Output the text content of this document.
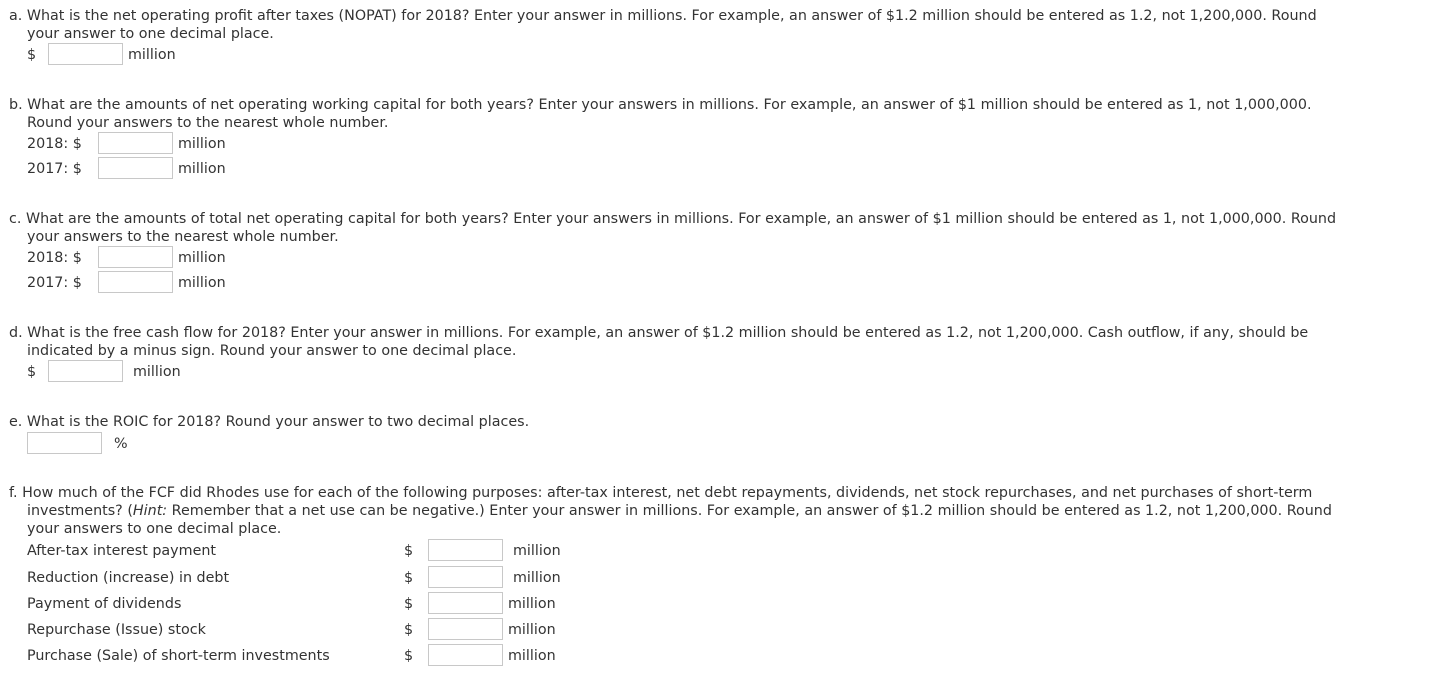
a. What is the net operating profit after taxes (NOPAT) for 2018? Enter your answer in millions. For example, an answer of $1.2 million should be entered as 1.2, not 1,200,000. Round
your answer to one decimal place.
$	million
b. What are the amounts of net operating working capital for both years? Enter your answers in millions. For example, an answer of $1 million should be entered as 1, not 1,000,000.
Round your answers to the nearest whole number.
2018: $	million
2017: $	million
c. What are the amounts of total net operating capital for both years? Enter your answers in millions. For example, an answer of $1 million should be entered as 1, not 1,000,000. Round
your answers to the nearest whole number.
2018: $	million
2017: $	million
d. What is the free cash flow for 2018? Enter your answer in millions. For example, an answer of $1.2 million should be entered as 1.2, not 1,200,000. Cash outflow, if any, should be
indicated by a minus sign. Round your answer to one decimal place.
$	million
e. What is the ROIC for 2018? Round your answer to two decimal places.
%
f. How much of the FCF did Rhodes use for each of the following purposes: after-tax interest, net debt repayments, dividends, net stock repurchases, and net purchases of short-term
investments? (Hint: Remember that a net use can be negative.) Enter your answer in millions. For example, an answer of $1.2 million should be entered as 1.2, not 1,200,000. Round
your answers to one decimal place.
After-tax interest payment	$	million
Reduction (increase) in debt	$	million
Payment of dividends	$	million
Repurchase (Issue) stock	$	million
Purchase (Sale) of short-term investments	$	million
